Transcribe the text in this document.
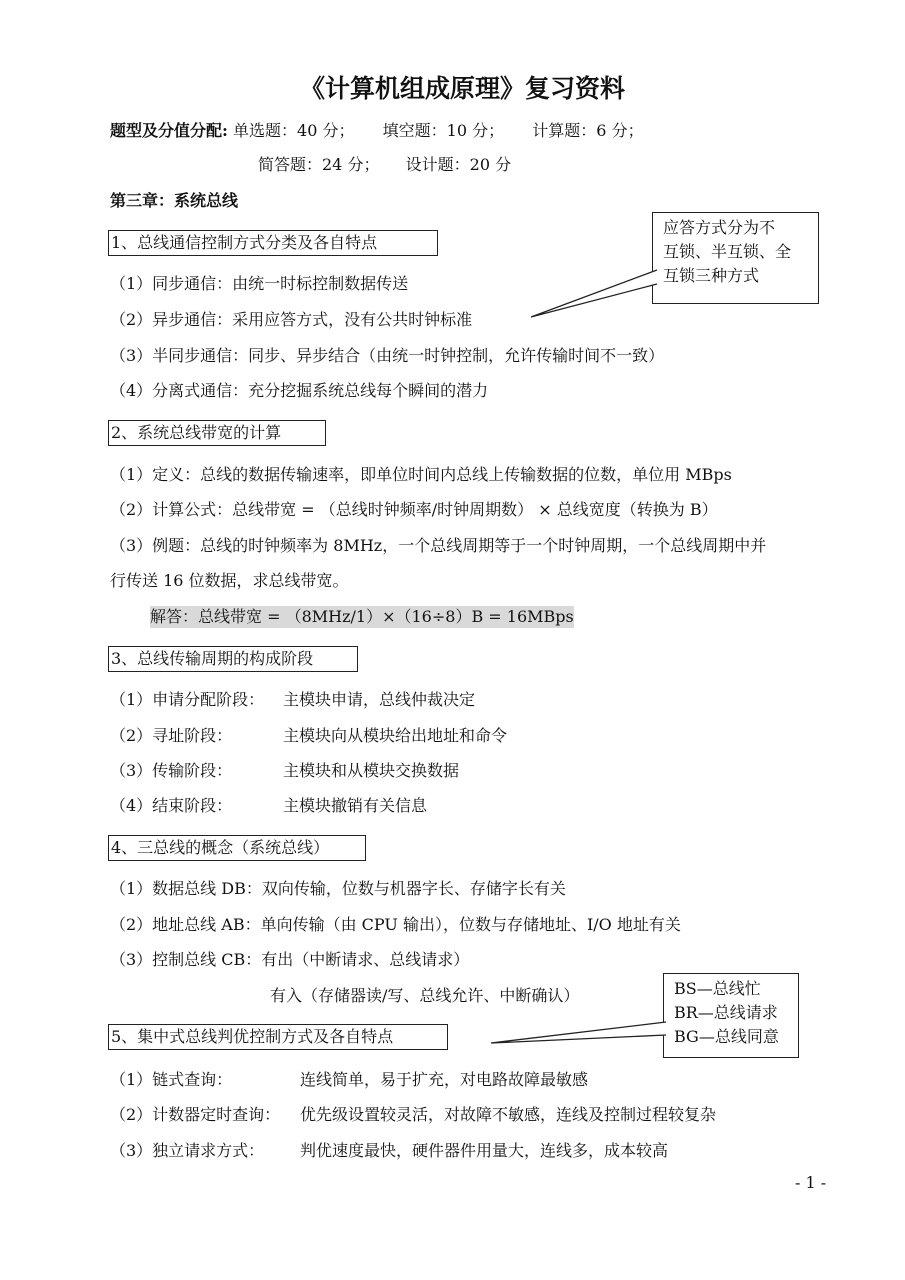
《计算机组成原理》复习资料
题型及分值分配: 单选题：40 分； 填空题：10 分； 计算题：6 分；
简答题：24 分； 设计题：20 分
第三章：系统总线
1、总线通信控制方式分类及各自特点
（1）同步通信：由统一时标控制数据传送
（2）异步通信：采用应答方式，没有公共时钟标准
（3）半同步通信：同步、异步结合（由统一时钟控制，允许传输时间不一致）
（4）分离式通信：充分挖掘系统总线每个瞬间的潜力
应答方式分为不
互锁、半互锁、全
互锁三种方式
2、系统总线带宽的计算
（1）定义：总线的数据传输速率，即单位时间内总线上传输数据的位数，单位用 MBps
（2）计算公式：总线带宽 = （总线时钟频率/时钟周期数） × 总线宽度（转换为 B）
（3）例题：总线的时钟频率为 8MHz，一个总线周期等于一个时钟周期，一个总线周期中并
行传送 16 位数据，求总线带宽。
解答：总线带宽 = （8MHz/1）×（16÷8）B = 16MBps
3、总线传输周期的构成阶段
（1）申请分配阶段： 主模块申请，总线仲裁决定
（2）寻址阶段：	主模块向从模块给出地址和命令
（3）传输阶段：	主模块和从模块交换数据
（4）结束阶段：	主模块撤销有关信息
4、三总线的概念（系统总线）
（1）数据总线 DB：双向传输，位数与机器字长、存储字长有关
（2）地址总线 AB：单向传输（由 CPU 输出），位数与存储地址、I/O 地址有关
（3）控制总线 CB：有出（中断请求、总线请求）
有入（存储器读/写、总线允许、中断确认）	BS—总线忙
BR—总线请求
BG—总线同意
5、集中式总线判优控制方式及各自特点
（1）链式查询：	连线简单，易于扩充，对电路故障最敏感
（2）计数器定时查询： 优先级设置较灵活，对故障不敏感，连线及控制过程较复杂
（3）独立请求方式： 判优速度最快，硬件器件用量大，连线多，成本较高
- 1 -
